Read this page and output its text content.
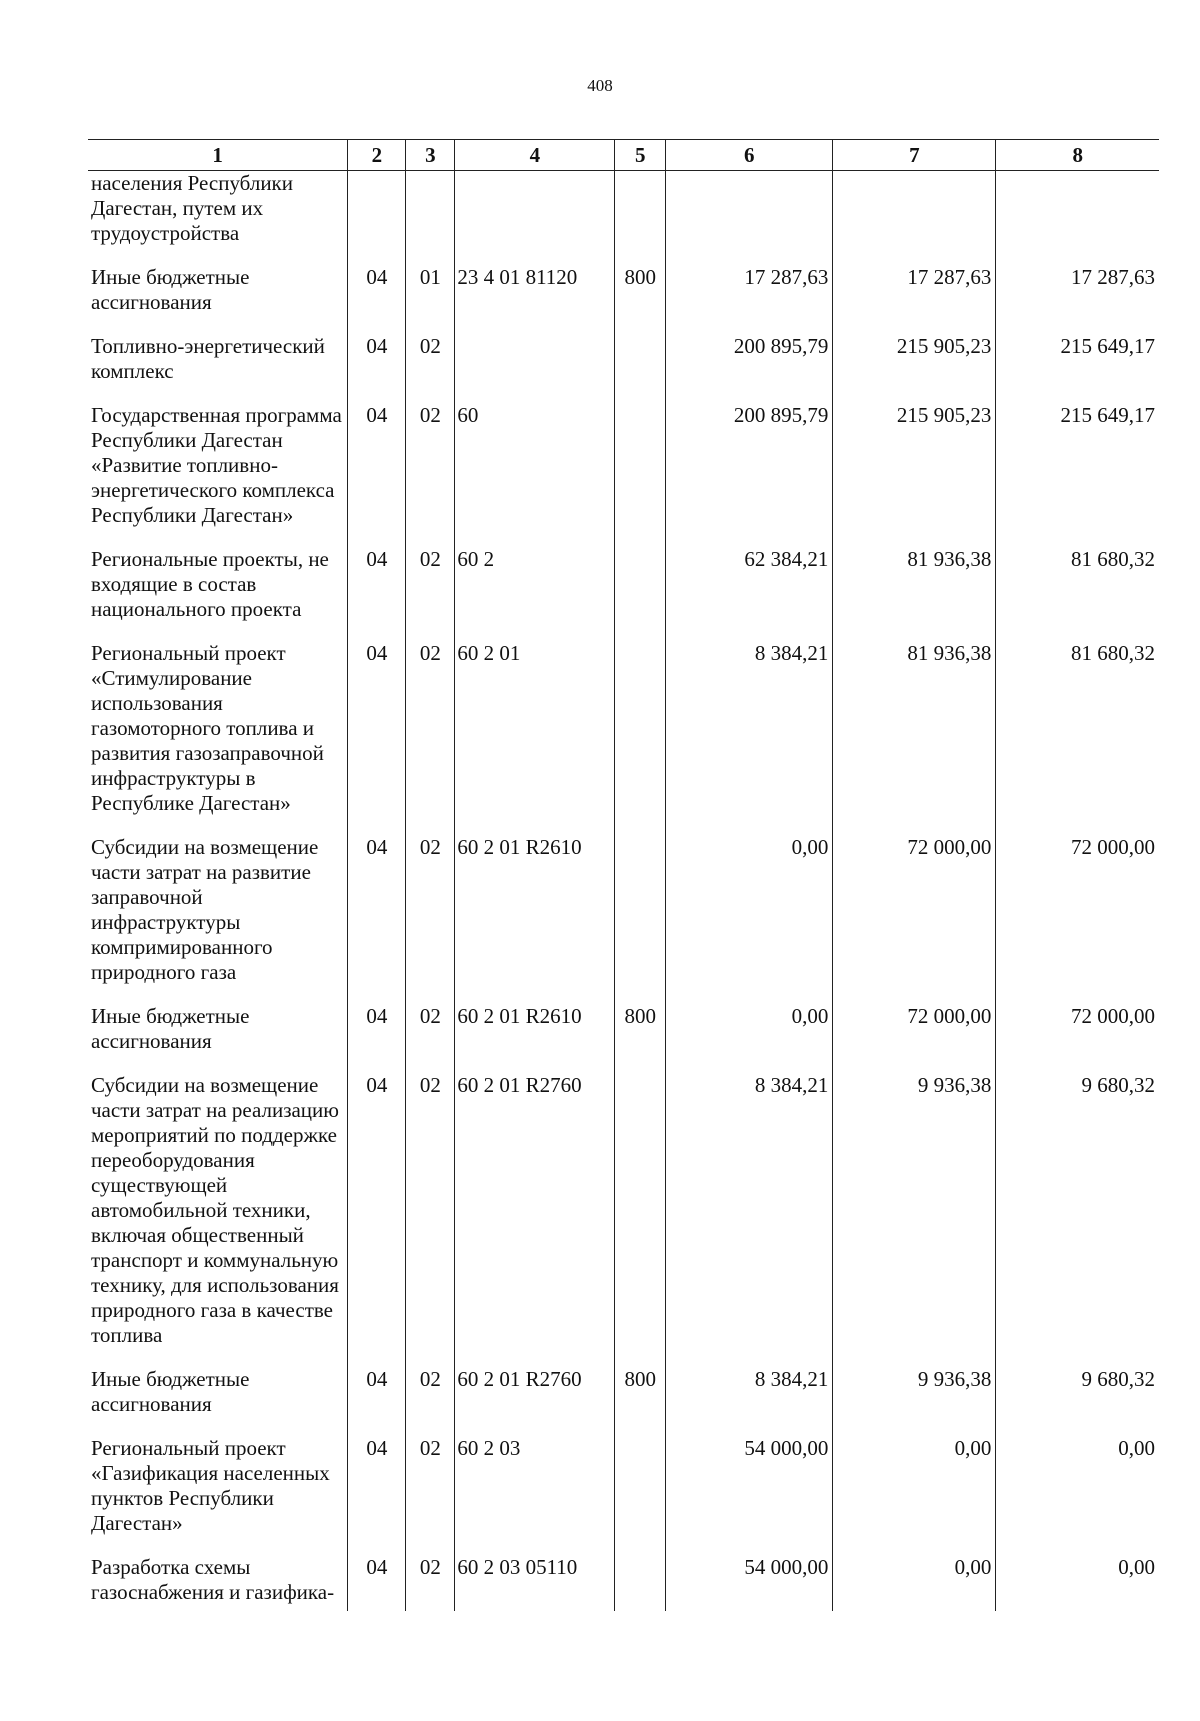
408
1	2	3	4	5	6	7	8
населения Республики Дагестан, путем их трудоустройства							
Иные бюджетные ассигнования	04	01	23 4 01 81120	800	17 287,63	17 287,63	17 287,63
Топливно-энергетический комплекс	04	02			200 895,79	215 905,23	215 649,17
Государственная программа Республики Дагестан «Развитие топливно-энергетического комплекса Республики Дагестан»	04	02	60		200 895,79	215 905,23	215 649,17
Региональные проекты, не входящие в состав национального проекта	04	02	60 2		62 384,21	81 936,38	81 680,32
Региональный проект «Стимулирование использования газомоторного топлива и развития газозаправочной инфраструктуры в Республике Дагестан»	04	02	60 2 01		8 384,21	81 936,38	81 680,32
Субсидии на возмещение части затрат на развитие заправочной инфраструктуры компримированного природного газа	04	02	60 2 01 R2610		0,00	72 000,00	72 000,00
Иные бюджетные ассигнования	04	02	60 2 01 R2610	800	0,00	72 000,00	72 000,00
Субсидии на возмещение части затрат на реализацию мероприятий по поддержке переоборудования существующей автомобильной техники, включая общественный транспорт и коммунальную технику, для использования природного газа в качестве топлива	04	02	60 2 01 R2760		8 384,21	9 936,38	9 680,32
Иные бюджетные ассигнования	04	02	60 2 01 R2760	800	8 384,21	9 936,38	9 680,32
Региональный проект «Газификация населенных пунктов Республики Дагестан»	04	02	60 2 03		54 000,00	0,00	0,00
Разработка схемы газоснабжения и газифика-	04	02	60 2 03 05110		54 000,00	0,00	0,00
